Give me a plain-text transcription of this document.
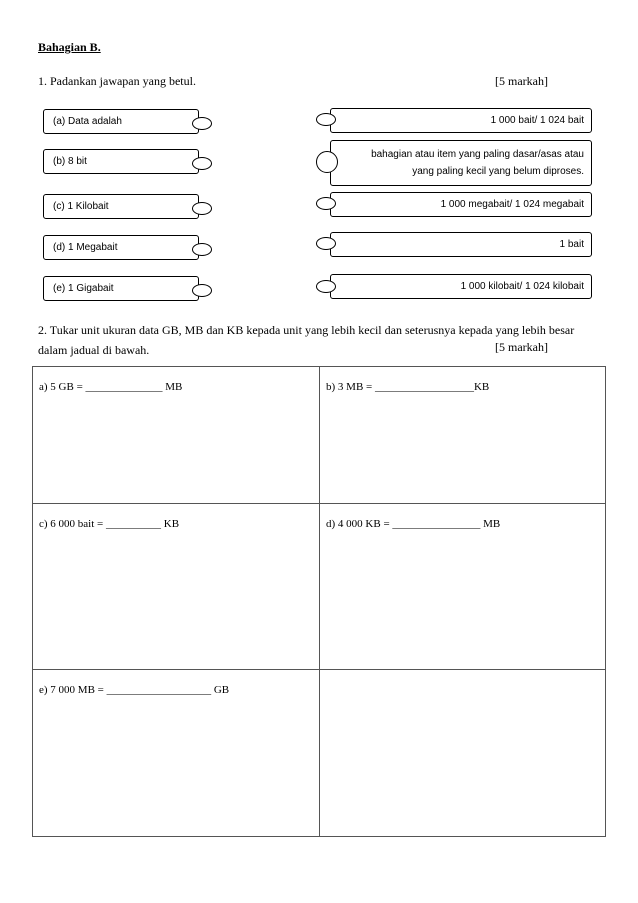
Bahagian B.
1. Padankan jawapan yang betul.	[5 markah]
(a) Data adalah
(b) 8 bit
(c) 1 Kilobait
(d) 1 Megabait
(e) 1 Gigabait
1 000 bait/ 1 024 bait
bahagian atau item yang paling dasar/asas atau yang paling kecil yang belum diproses.
1 000 megabait/ 1 024 megabait
1 bait
1 000 kilobait/ 1 024 kilobait
2. Tukar unit ukuran data GB, MB dan KB kepada unit yang lebih kecil dan seterusnya kepada yang lebih besar dalam jadual di bawah.	[5 markah]
a) 5 GB = ______________ MB	b) 3 MB = __________________KB
c) 6 000 bait = __________ KB	d) 4 000 KB = ________________ MB
e) 7 000 MB = ___________________ GB	
